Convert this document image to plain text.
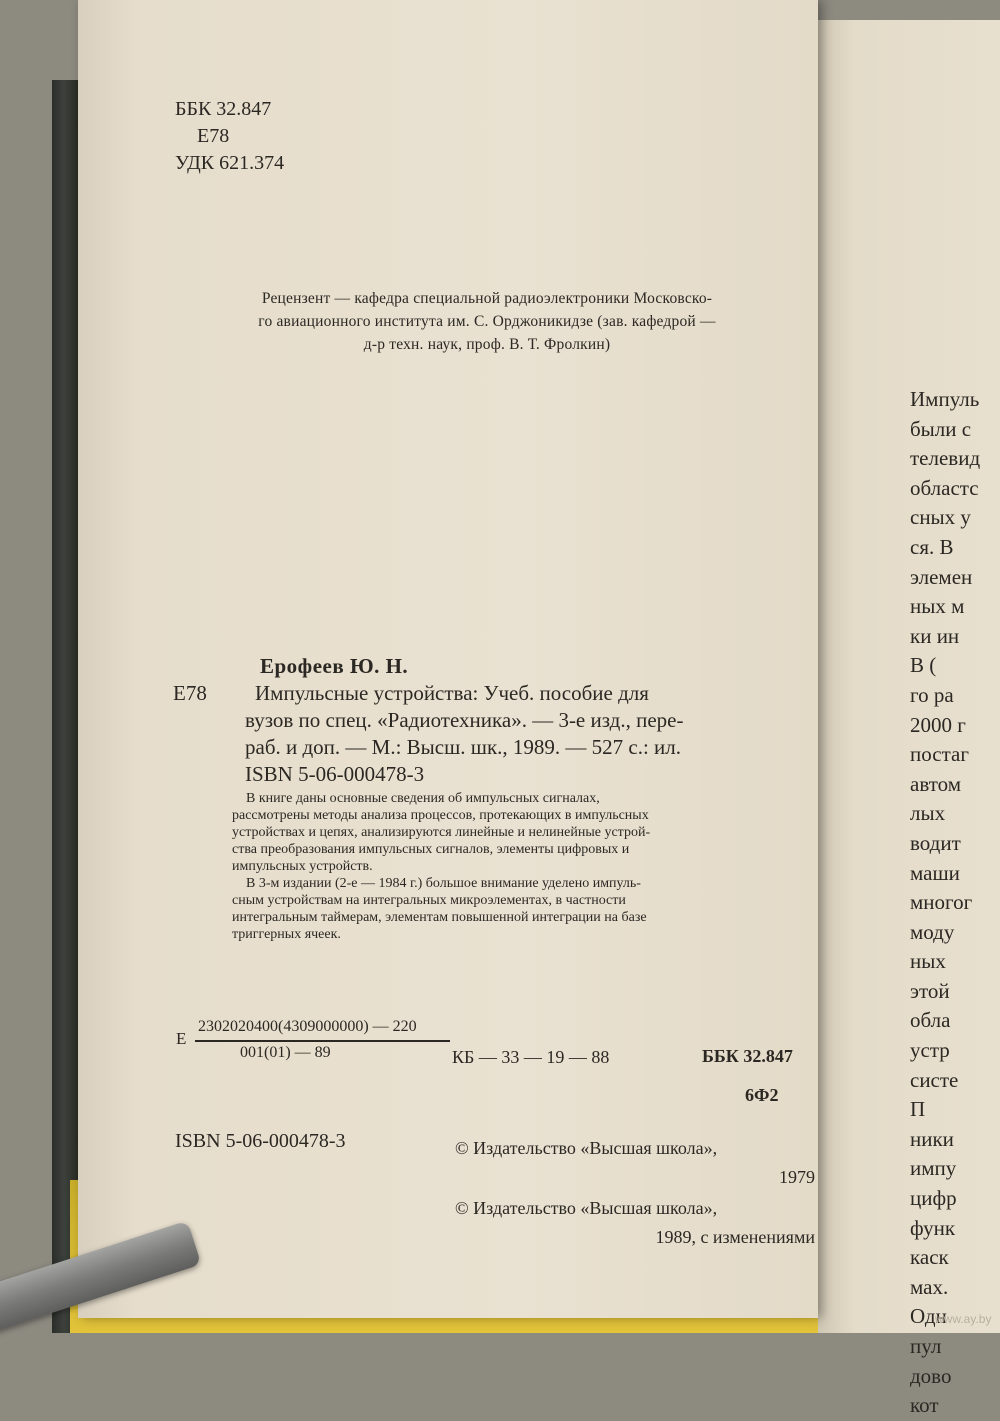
Импуль
были с
телевид
областс
сных у
ся. В
элемен
ных м
ки ин
В (
го ра
2000 г
постаг
автом
лых
водит
маши
многог
моду
ных
этой
обла
устр
систе
П
ники
импу
цифр
функ
каск
мах.
Одн
пул
дово
кот
ББК 32.847
Е78
УДК 621.374
Рецензент — кафедра специальной радиоэлектроники Московско-
го авиационного института им. С. Орджоникидзе (зав. кафедрой —
д-р техн. наук, проф. В. Т. Фролкин)
Ерофеев Ю. Н.
Е78 Импульсные устройства: Учеб. пособие для
вузов по спец. «Радиотехника». — 3-е изд., пере-
раб. и доп. — М.: Высш. шк., 1989. — 527 с.: ил.
ISBN 5-06-000478-3
В книге даны основные сведения об импульсных сигналах,
рассмотрены методы анализа процессов, протекающих в импульсных
устройствах и цепях, анализируются линейные и нелинейные устрой-
ства преобразования импульсных сигналов, элементы цифровых и
импульсных устройств.
В 3-м издании (2-е — 1984 г.) большое внимание уделено импуль-
сным устройствам на интегральных микроэлементах, в частности
интегральным таймерам, элементам повышенной интеграции на базе
триггерных ячеек.
Е
2302020400(4309000000) — 220
001(01) — 89	КБ — 33 — 19 — 88	ББК 32.847
6Ф2
ISBN 5-06-000478-3	© Издательство «Высшая школа»,
1979
© Издательство «Высшая школа»,
1989, с изменениями
www.ay.by
